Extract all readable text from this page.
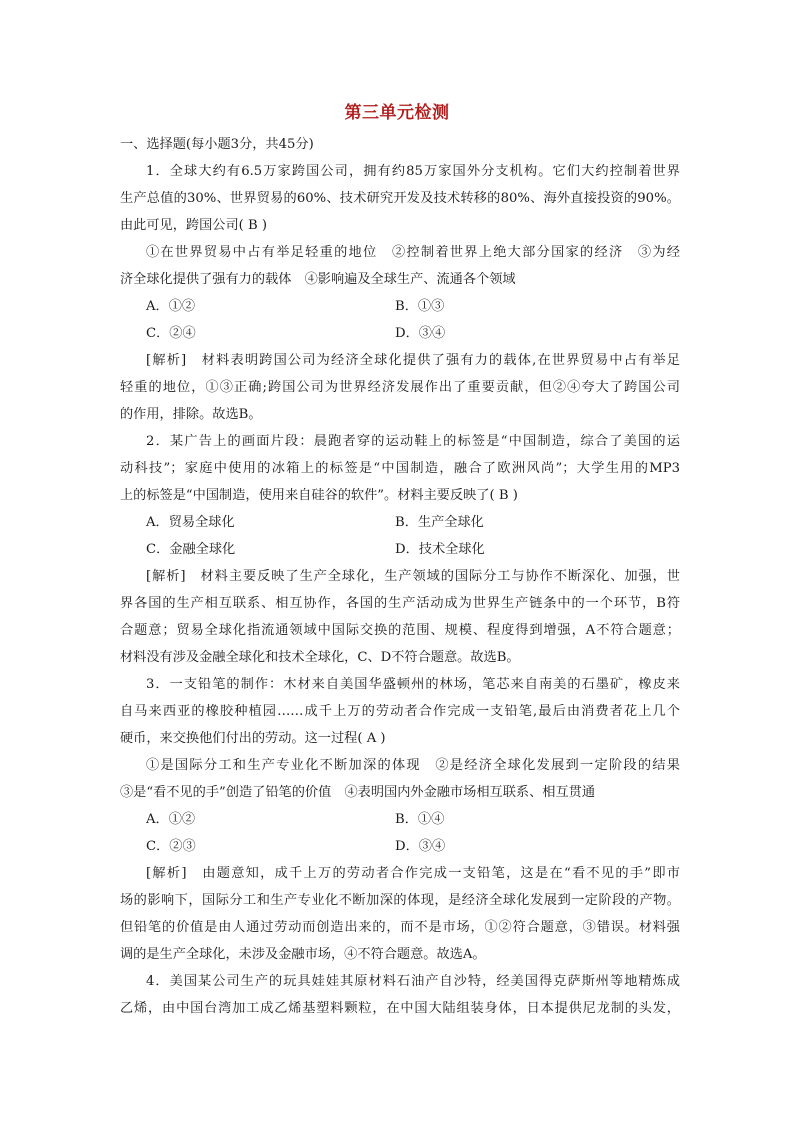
第三单元检测
一、选择题(每小题3分，共45分)
1．全球大约有6.5万家跨国公司，拥有约85万家国外分支机构。它们大约控制着世界
生产总值的30%、世界贸易的60%、技术研究开发及技术转移的80%、海外直接投资的90%。
由此可见，跨国公司( B )
①在世界贸易中占有举足轻重的地位　②控制着世界上绝大部分国家的经济　③为经
济全球化提供了强有力的载体　④影响遍及全球生产、流通各个领域
A．①②	B．①③
C．②④	D．③④
[解析]　材料表明跨国公司为经济全球化提供了强有力的载体,在世界贸易中占有举足
轻重的地位，①③正确;跨国公司为世界经济发展作出了重要贡献，但②④夸大了跨国公司
的作用，排除。故选B。
2．某广告上的画面片段：晨跑者穿的运动鞋上的标签是“中国制造，综合了美国的运
动科技”；家庭中使用的冰箱上的标签是“中国制造，融合了欧洲风尚”；大学生用的MP3
上的标签是“中国制造，使用来自硅谷的软件”。材料主要反映了( B )
A．贸易全球化	B．生产全球化
C．金融全球化	D．技术全球化
[解析]　材料主要反映了生产全球化，生产领域的国际分工与协作不断深化、加强，世
界各国的生产相互联系、相互协作，各国的生产活动成为世界生产链条中的一个环节，B符
合题意；贸易全球化指流通领域中国际交换的范围、规模、程度得到增强，A不符合题意；
材料没有涉及金融全球化和技术全球化，C、D不符合题意。故选B。
3．一支铅笔的制作：木材来自美国华盛顿州的林场，笔芯来自南美的石墨矿，橡皮来
自马来西亚的橡胶种植园……成千上万的劳动者合作完成一支铅笔,最后由消费者花上几个
硬币，来交换他们付出的劳动。这一过程( A )
①是国际分工和生产专业化不断加深的体现　②是经济全球化发展到一定阶段的结果
③是“看不见的手”创造了铅笔的价值　④表明国内外金融市场相互联系、相互贯通
A．①②	B．①④
C．②③	D．③④
[解析]　由题意知，成千上万的劳动者合作完成一支铅笔，这是在“看不见的手”即市
场的影响下，国际分工和生产专业化不断加深的体现，是经济全球化发展到一定阶段的产物。
但铅笔的价值是由人通过劳动而创造出来的，而不是市场，①②符合题意，③错误。材料强
调的是生产全球化，未涉及金融市场，④不符合题意。故选A。
4．美国某公司生产的玩具娃娃其原材料石油产自沙特，经美国得克萨斯州等地精炼成
乙烯，由中国台湾加工成乙烯基塑料颗粒，在中国大陆组装身体，日本提供尼龙制的头发，
